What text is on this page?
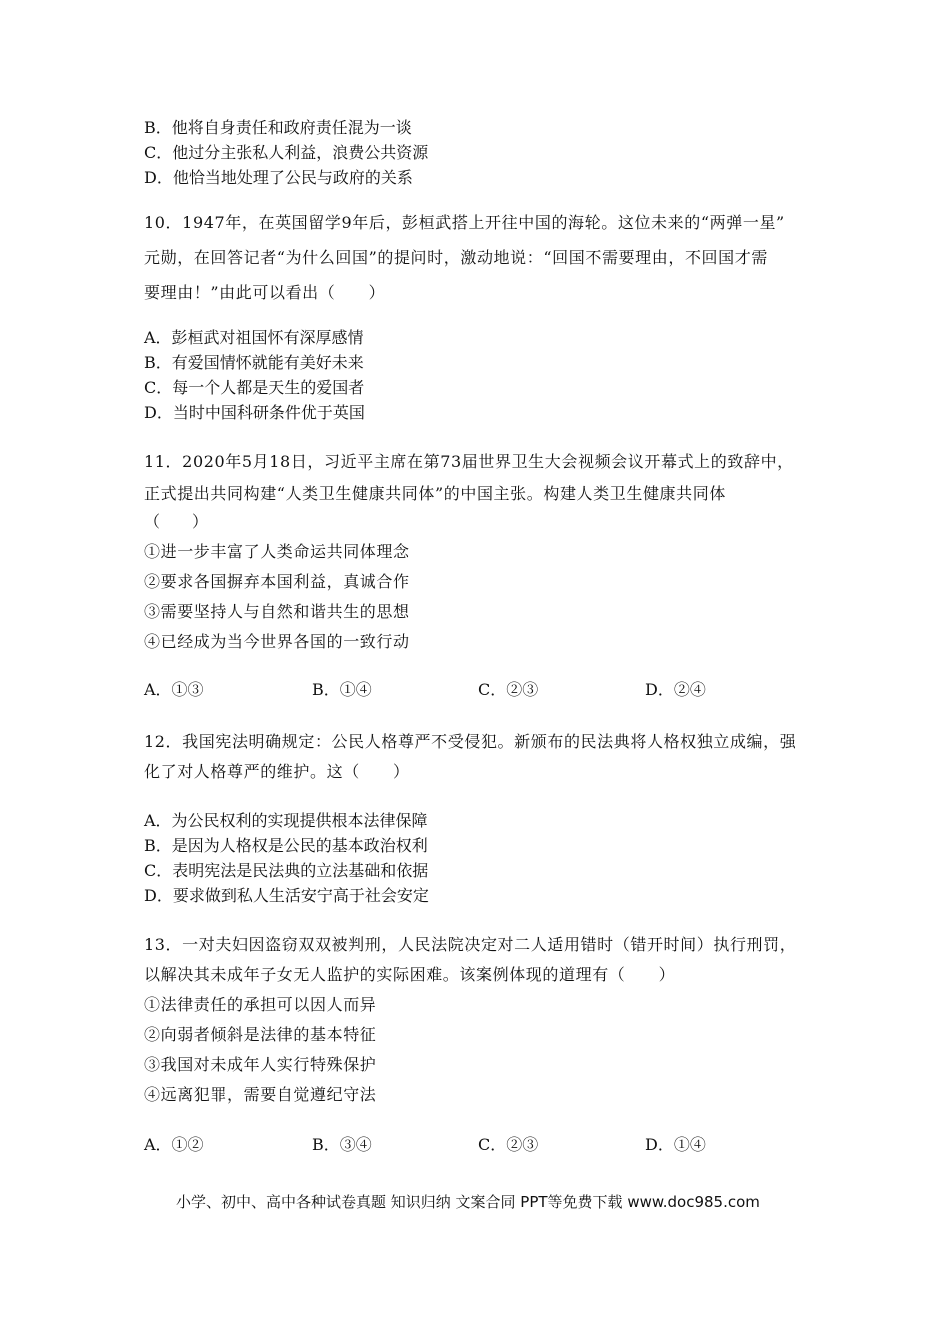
B．他将自身责任和政府责任混为一谈
C．他过分主张私人利益，浪费公共资源
D．他恰当地处理了公民与政府的关系
10．1947年，在英国留学9年后，彭桓武搭上开往中国的海轮。这位未来的“两弹一星”
元勋，在回答记者“为什么回国”的提问时，激动地说：“回国不需要理由，不回国才需
要理由！”由此可以看出（　　）
A．彭桓武对祖国怀有深厚感情
B．有爱国情怀就能有美好未来
C．每一个人都是天生的爱国者
D．当时中国科研条件优于英国
11．2020年5月18日，习近平主席在第73届世界卫生大会视频会议开幕式上的致辞中，
正式提出共同构建“人类卫生健康共同体”的中国主张。构建人类卫生健康共同体
（　　）
①进一步丰富了人类命运共同体理念
②要求各国摒弃本国利益，真诚合作
③需要坚持人与自然和谐共生的思想
④已经成为当今世界各国的一致行动
A．①③	B．①④	C．②③	D．②④
12．我国宪法明确规定：公民人格尊严不受侵犯。新颁布的民法典将人格权独立成编，强
化了对人格尊严的维护。这（　　）
A．为公民权利的实现提供根本法律保障
B．是因为人格权是公民的基本政治权利
C．表明宪法是民法典的立法基础和依据
D．要求做到私人生活安宁高于社会安定
13．一对夫妇因盗窃双双被判刑，人民法院决定对二人适用错时（错开时间）执行刑罚，
以解决其未成年子女无人监护的实际困难。该案例体现的道理有（　　）
①法律责任的承担可以因人而异
②向弱者倾斜是法律的基本特征
③我国对未成年人实行特殊保护
④远离犯罪，需要自觉遵纪守法
A．①②	B．③④	C．②③	D．①④
小学、初中、高中各种试卷真题 知识归纳 文案合同 PPT等免费下载 www.doc985.com
